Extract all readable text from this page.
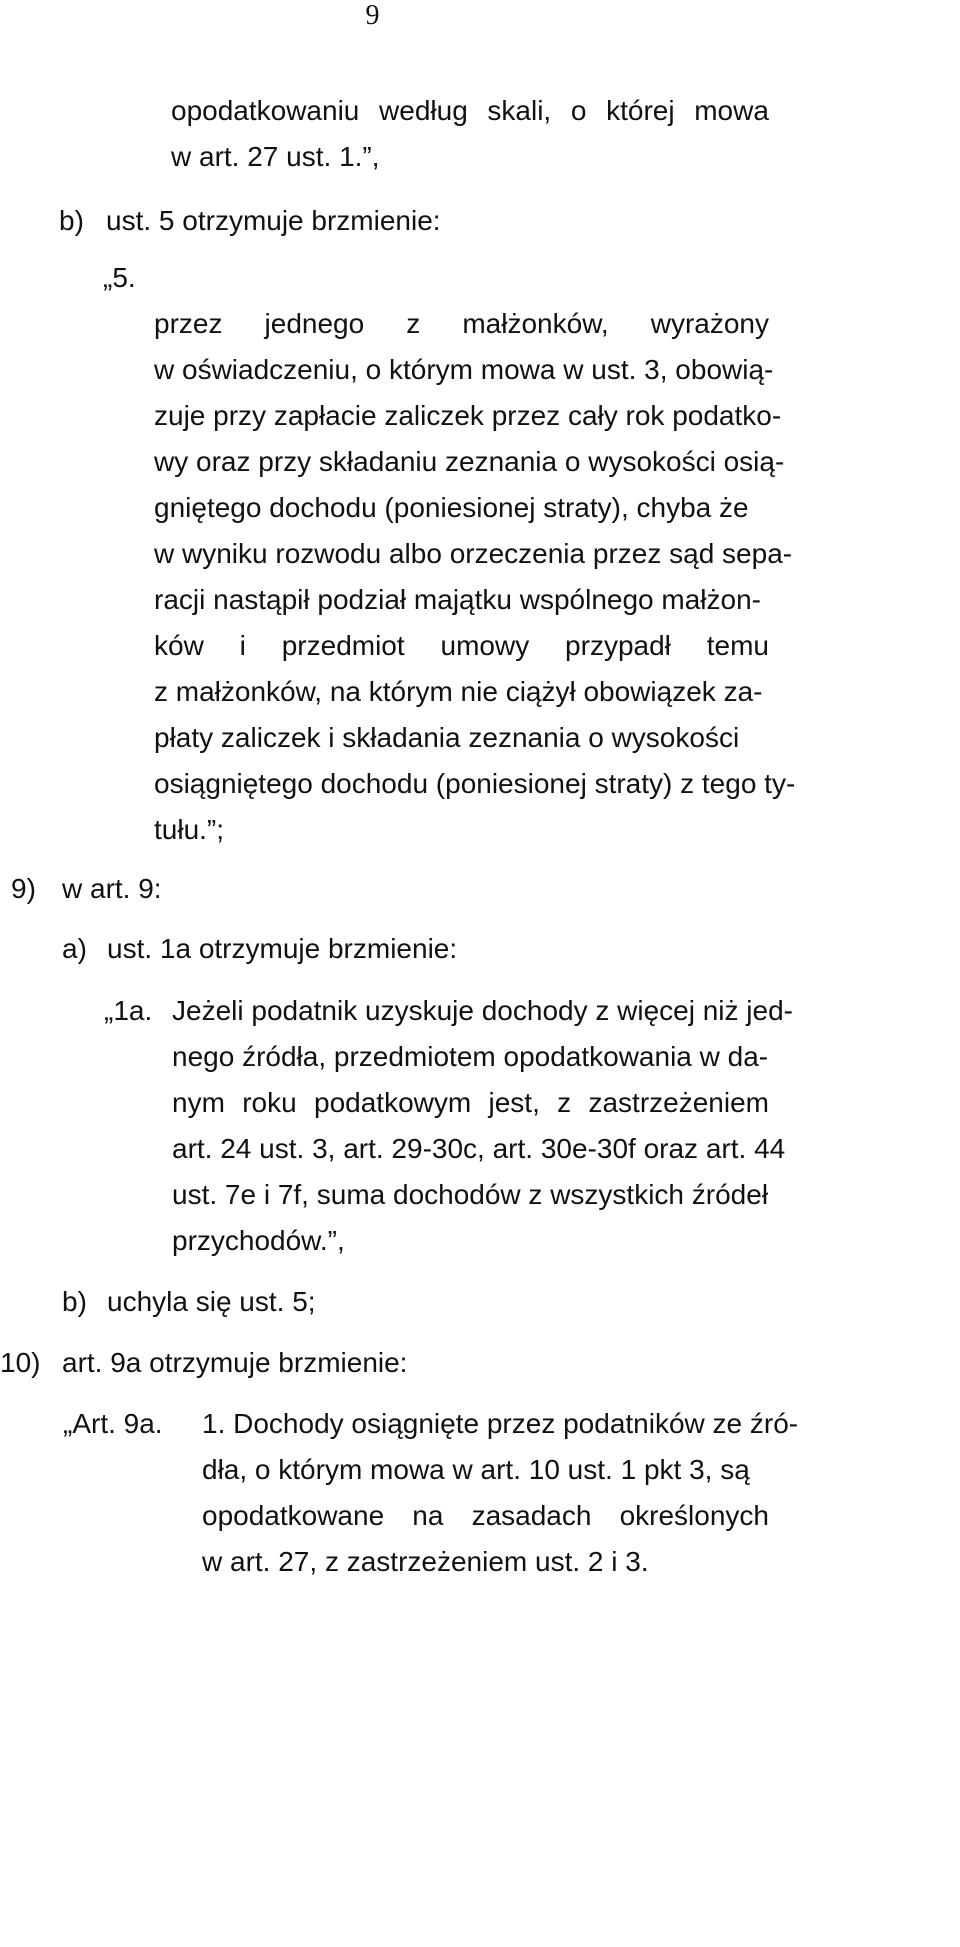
9
opodatkowaniu według skali, o której mowa
w art. 27 ust. 1.”,
b) ust. 5 otrzymuje brzmienie:
„5.
przez jednego z małżonków, wyrażony
w oświadczeniu, o którym mowa w ust. 3, obowią-
zuje przy zapłacie zaliczek przez cały rok podatko-
wy oraz przy składaniu zeznania o wysokości osią-
gniętego dochodu (poniesionej straty), chyba że
w wyniku rozwodu albo orzeczenia przez sąd sepa-
racji nastąpił podział majątku wspólnego małżon-
ków i przedmiot umowy przypadł temu
z małżonków, na którym nie ciążył obowiązek za-
płaty zaliczek i składania zeznania o wysokości
osiągniętego dochodu (poniesionej straty) z tego ty-
tułu.”;
9) w art. 9:
a) ust. 1a otrzymuje brzmienie:
„1a. Jeżeli podatnik uzyskuje dochody z więcej niż jed-
nego źródła, przedmiotem opodatkowania w da-
nym roku podatkowym jest, z zastrzeżeniem
art. 24 ust. 3, art. 29-30c, art. 30e-30f oraz art. 44
ust. 7e i 7f, suma dochodów z wszystkich źródeł
przychodów.”,
b) uchyla się ust. 5;
10) art. 9a otrzymuje brzmienie:
„Art. 9a. 1. Dochody osiągnięte przez podatników ze źró-
dła, o którym mowa w art. 10 ust. 1 pkt 3, są
opodatkowane na zasadach określonych
w art. 27, z zastrzeżeniem ust. 2 i 3.
